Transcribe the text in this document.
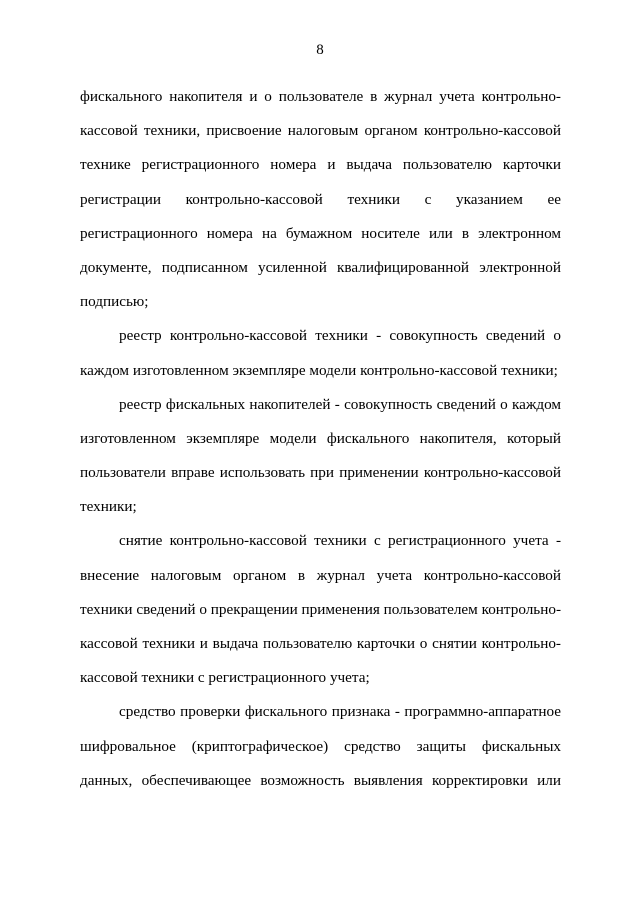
8

фискального накопителя и о пользователе в журнал учета контрольно-
кассовой техники, присвоение налоговым органом контрольно-кассовой
технике регистрационного номера и выдача пользователю карточки
регистрации контрольно-кассовой техники с указанием ее
регистрационного номера на бумажном носителе или в электронном
документе, подписанном усиленной квалифицированной электронной
подписью;

реестр контрольно-кассовой техники - совокупность сведений о
каждом изготовленном экземпляре модели контрольно-кассовой техники;

реестр фискальных накопителей - совокупность сведений о каждом
изготовленном экземпляре модели фискального накопителя, который
пользователи вправе использовать при применении контрольно-кассовой
техники;

снятие контрольно-кассовой техники с регистрационного учета -
внесение налоговым органом в журнал учета контрольно-кассовой
техники сведений о прекращении применения пользователем контрольно-
кассовой техники и выдача пользователю карточки о снятии контрольно-
кассовой техники с регистрационного учета;

средство проверки фискального признака - программно-аппаратное
шифровальное (криптографическое) средство защиты фискальных
данных, обеспечивающее возможность выявления корректировки или
